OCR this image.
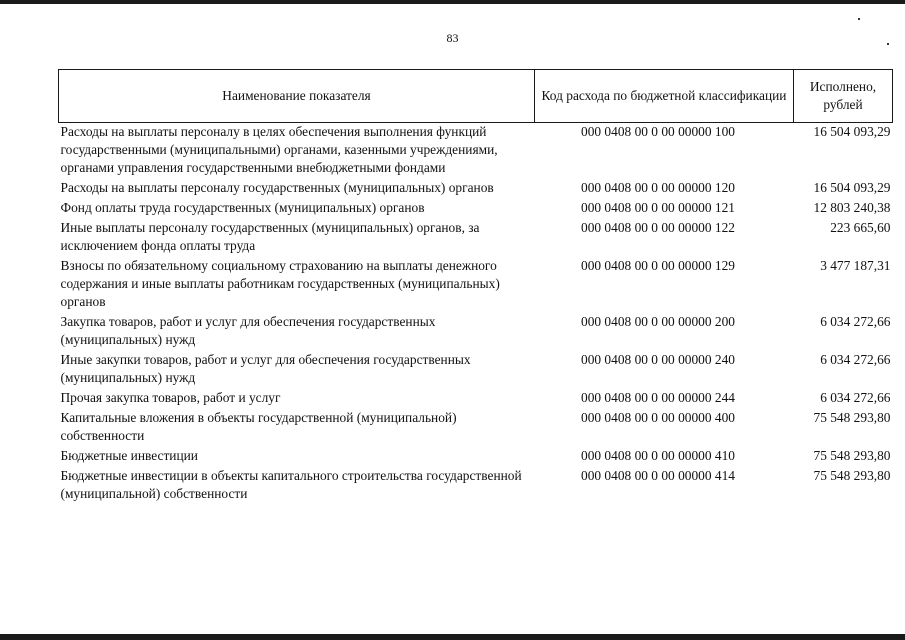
83
Наименование показателя	Код расхода по бюджетной классификации	Исполнено, рублей
Расходы на выплаты персоналу в целях обеспечения выполнения функций государственными (муниципальными) органами, казенными учреждениями, органами управления государственными внебюджетными фондами	000 0408 00 0 00 00000 100	16 504 093,29
Расходы на выплаты персоналу государственных (муниципальных) органов	000 0408 00 0 00 00000 120	16 504 093,29
Фонд оплаты труда государственных (муниципальных) органов	000 0408 00 0 00 00000 121	12 803 240,38
Иные выплаты персоналу государственных (муниципальных) органов, за исключением фонда оплаты труда	000 0408 00 0 00 00000 122	223 665,60
Взносы по обязательному социальному страхованию на выплаты денежного содержания и иные выплаты работникам государственных (муниципальных) органов	000 0408 00 0 00 00000 129	3 477 187,31
Закупка товаров, работ и услуг для обеспечения государственных (муниципальных) нужд	000 0408 00 0 00 00000 200	6 034 272,66
Иные закупки товаров, работ и услуг для обеспечения государственных (муниципальных) нужд	000 0408 00 0 00 00000 240	6 034 272,66
Прочая закупка товаров, работ и услуг	000 0408 00 0 00 00000 244	6 034 272,66
Капитальные вложения в объекты государственной (муниципальной) собственности	000 0408 00 0 00 00000 400	75 548 293,80
Бюджетные инвестиции	000 0408 00 0 00 00000 410	75 548 293,80
Бюджетные инвестиции в объекты капитального строительства государственной (муниципальной) собственности	000 0408 00 0 00 00000 414	75 548 293,80
